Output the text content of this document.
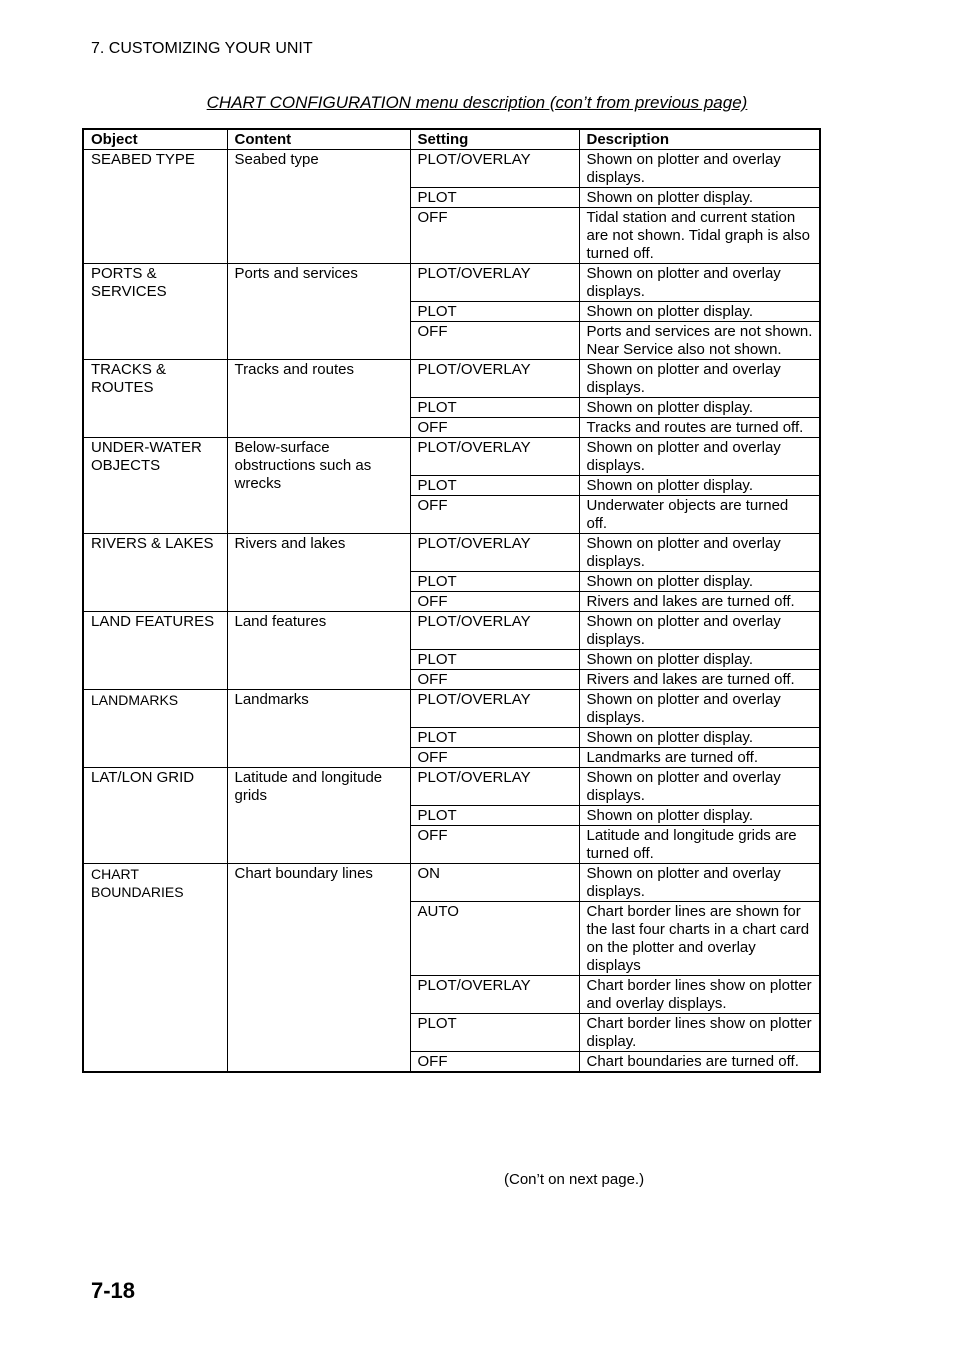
7. CUSTOMIZING YOUR UNIT
CHART CONFIGURATION menu description (con’t from previous page)
Object	Content	Setting	Description
SEABED TYPE	Seabed type	PLOT/OVERLAY	Shown on plotter and overlay displays.
		PLOT	Shown on plotter display.
		OFF	Tidal station and current station are not shown. Tidal graph is also turned off.
PORTS & SERVICES	Ports and services	PLOT/OVERLAY	Shown on plotter and overlay displays.
		PLOT	Shown on plotter display.
		OFF	Ports and services are not shown. Near Service also not shown.
TRACKS & ROUTES	Tracks and routes	PLOT/OVERLAY	Shown on plotter and overlay displays.
		PLOT	Shown on plotter display.
		OFF	Tracks and routes are turned off.
UNDER-WATER OBJECTS	Below-surface obstructions such as wrecks	PLOT/OVERLAY	Shown on plotter and overlay displays.
		PLOT	Shown on plotter display.
		OFF	Underwater objects are turned off.
RIVERS & LAKES	Rivers and lakes	PLOT/OVERLAY	Shown on plotter and overlay displays.
		PLOT	Shown on plotter display.
		OFF	Rivers and lakes are turned off.
LAND FEATURES	Land features	PLOT/OVERLAY	Shown on plotter and overlay displays.
		PLOT	Shown on plotter display.
		OFF	Rivers and lakes are turned off.
LANDMARKS	Landmarks	PLOT/OVERLAY	Shown on plotter and overlay displays.
		PLOT	Shown on plotter display.
		OFF	Landmarks are turned off.
LAT/LON GRID	Latitude and longitude grids	PLOT/OVERLAY	Shown on plotter and overlay displays.
		PLOT	Shown on plotter display.
		OFF	Latitude and longitude grids are turned off.
CHART BOUNDARIES	Chart boundary lines	ON	Shown on plotter and overlay displays.
		AUTO	Chart border lines are shown for the last four charts in a chart card on the plotter and overlay displays
		PLOT/OVERLAY	Chart border lines show on plotter and overlay displays.
		PLOT	Chart border lines show on plotter display.
		OFF	Chart boundaries are turned off.
(Con’t on next page.)
7-18
